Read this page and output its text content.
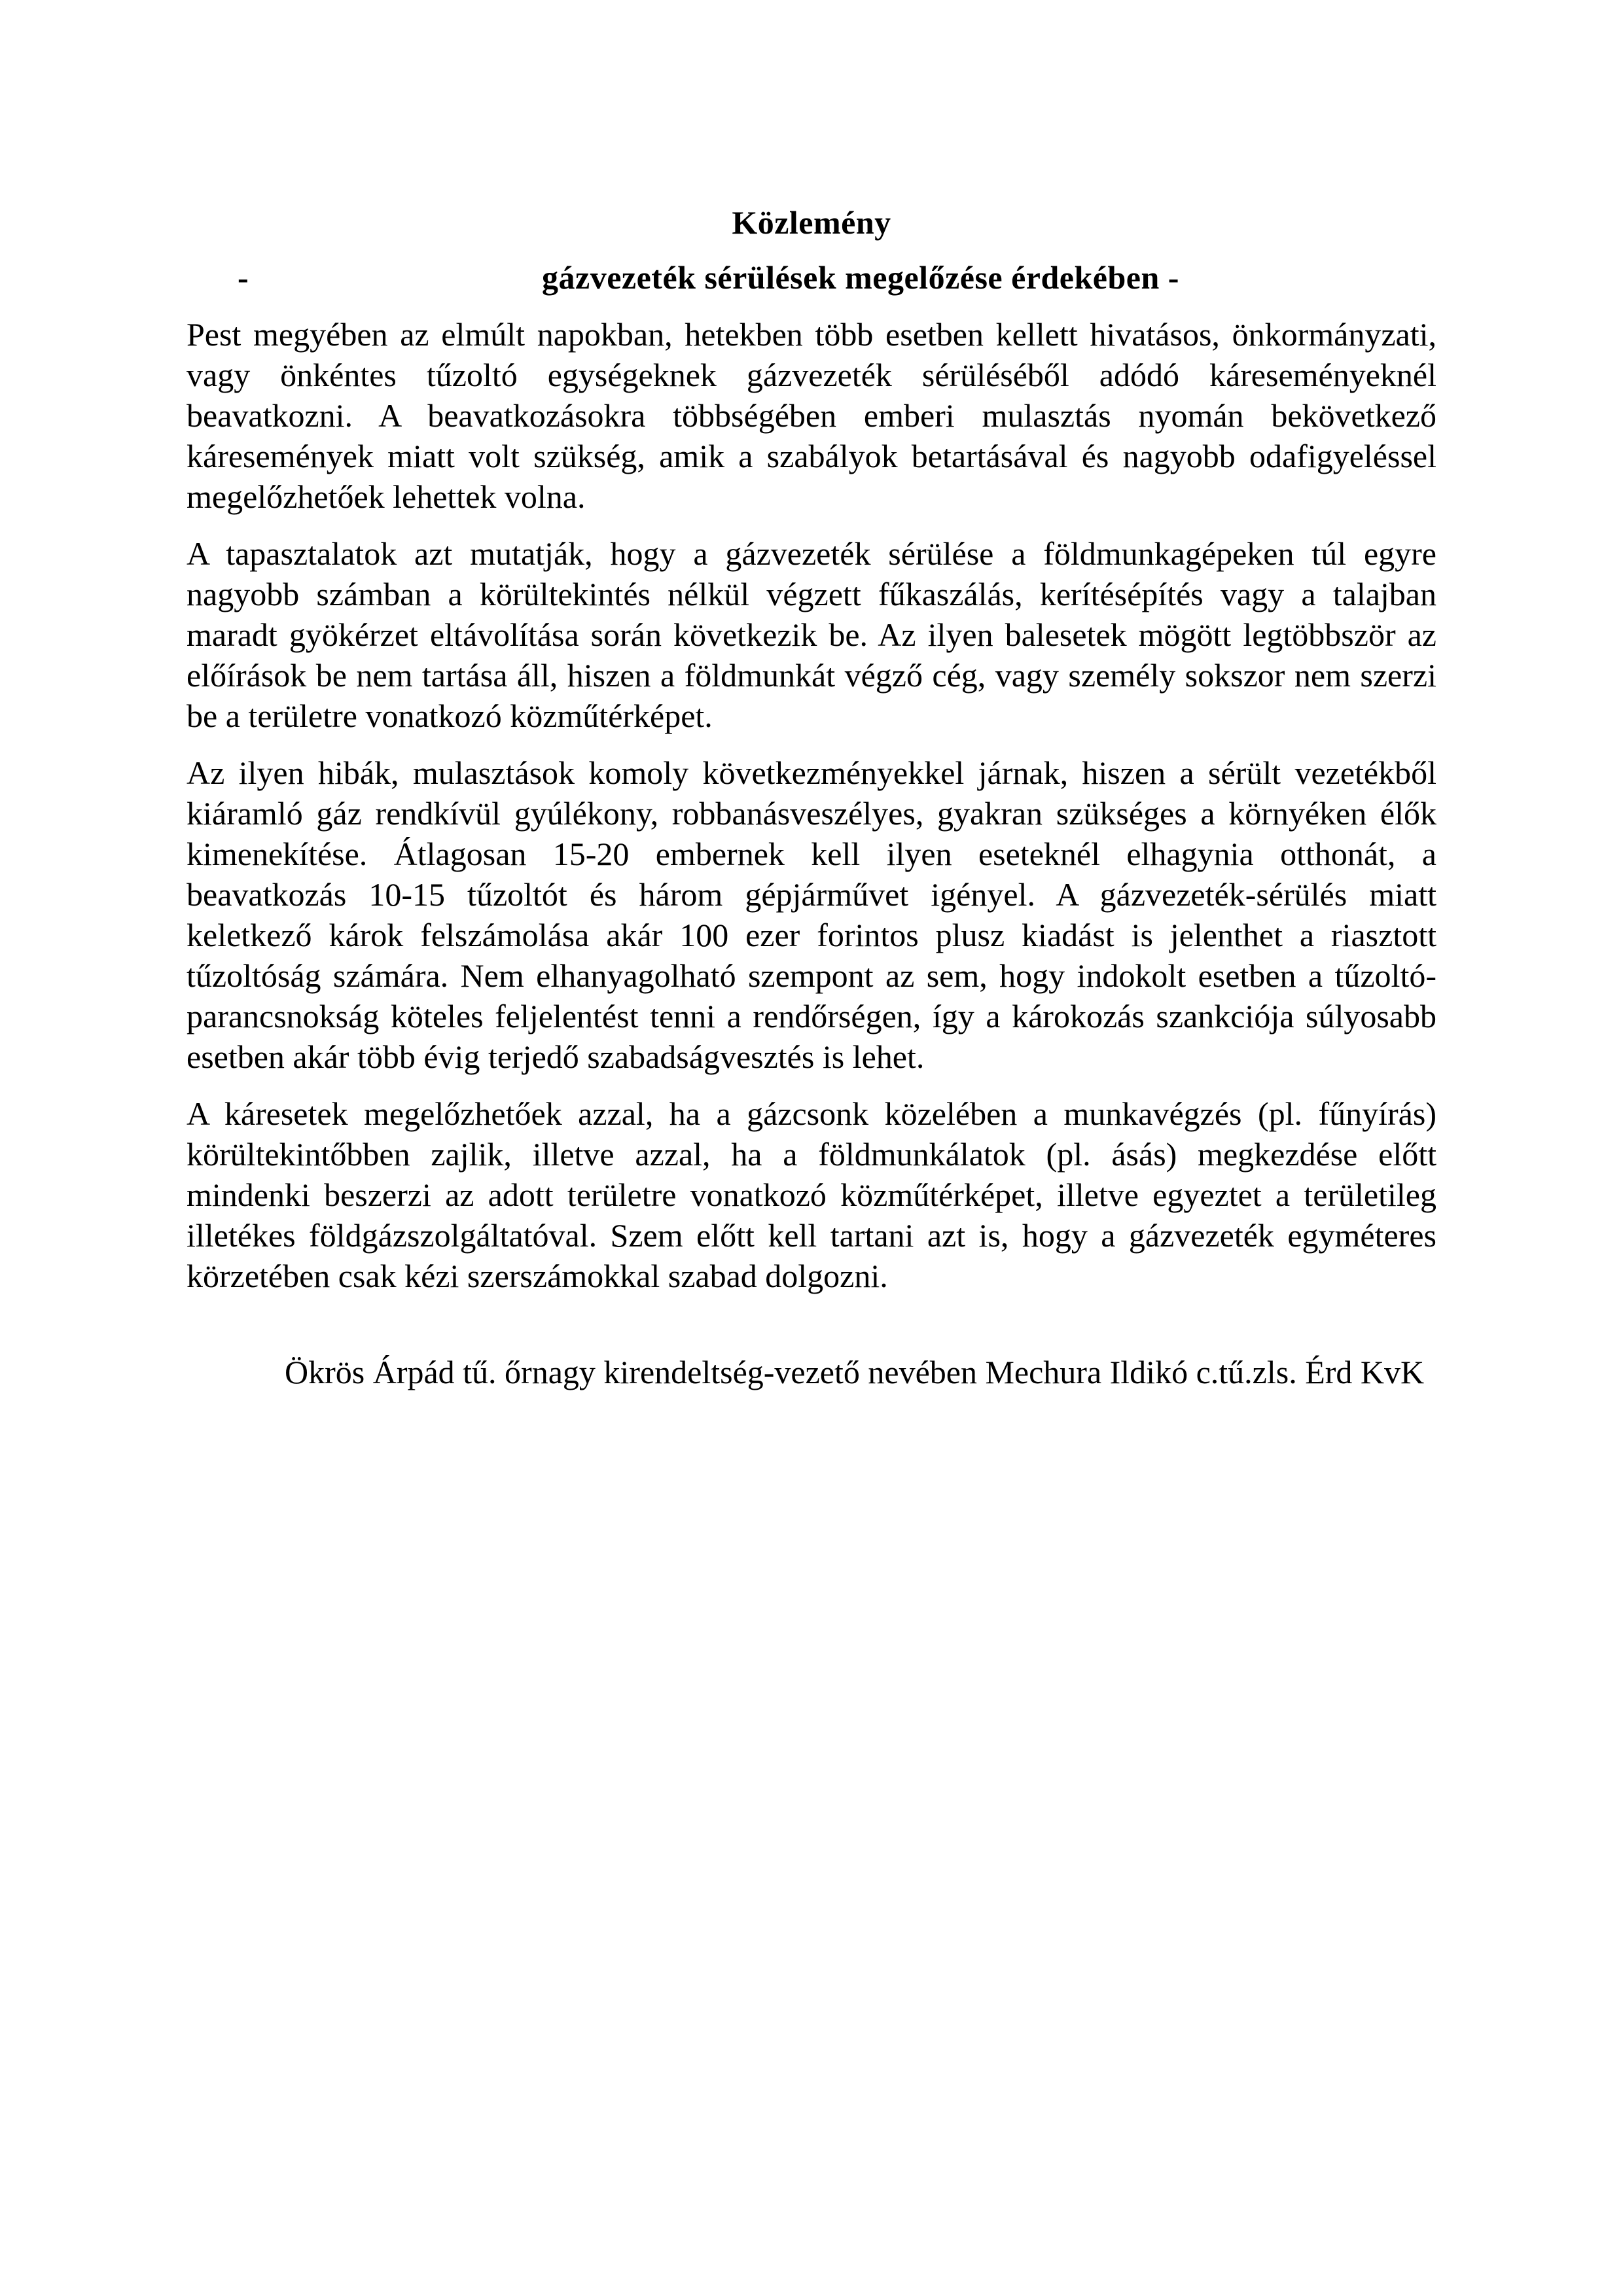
Közlemény
-	gázvezeték sérülések megelőzése érdekében -

Pest megyében az elmúlt napokban, hetekben több esetben kellett hivatásos, önkormányzati, vagy önkéntes tűzoltó egységeknek gázvezeték sérüléséből adódó káreseményeknél beavatkozni. A beavatkozásokra többségében emberi mulasztás nyomán bekövetkező káresemények miatt volt szükség, amik a szabályok betartásával és nagyobb odafigyeléssel megelőzhetőek lehettek volna.

A tapasztalatok azt mutatják, hogy a gázvezeték sérülése a földmunkagépeken túl egyre nagyobb számban a körültekintés nélkül végzett fűkaszálás, kerítésépítés vagy a talajban maradt gyökérzet eltávolítása során következik be. Az ilyen balesetek mögött legtöbbször az előírások be nem tartása áll, hiszen a földmunkát végző cég, vagy személy sokszor nem szerzi be a területre vonatkozó közműtérképet.

Az ilyen hibák, mulasztások komoly következményekkel járnak, hiszen a sérült vezetékből kiáramló gáz rendkívül gyúlékony, robbanásveszélyes, gyakran szükséges a környéken élők kimenekítése. Átlagosan 15-20 embernek kell ilyen eseteknél elhagynia otthonát, a beavatkozás 10-15 tűzoltót és három gépjárművet igényel. A gázvezeték-sérülés miatt keletkező károk felszámolása akár 100 ezer forintos plusz kiadást is jelenthet a riasztott tűzoltóság számára. Nem elhanyagolható szempont az sem, hogy indokolt esetben a tűzoltó-parancsnokság köteles feljelentést tenni a rendőrségen, így a károkozás szankciója súlyosabb esetben akár több évig terjedő szabadságvesztés is lehet.

A káresetek megelőzhetőek azzal, ha a gázcsonk közelében a munkavégzés (pl. fűnyírás) körültekintőbben zajlik, illetve azzal, ha a földmunkálatok (pl. ásás) megkezdése előtt mindenki beszerzi az adott területre vonatkozó közműtérképet, illetve egyeztet a területileg illetékes földgázszolgáltatóval. Szem előtt kell tartani azt is, hogy a gázvezeték egyméteres körzetében csak kézi szerszámokkal szabad dolgozni.

Ökrös Árpád tű. őrnagy kirendeltség-vezető nevében Mechura Ildikó c.tű.zls. Érd KvK
